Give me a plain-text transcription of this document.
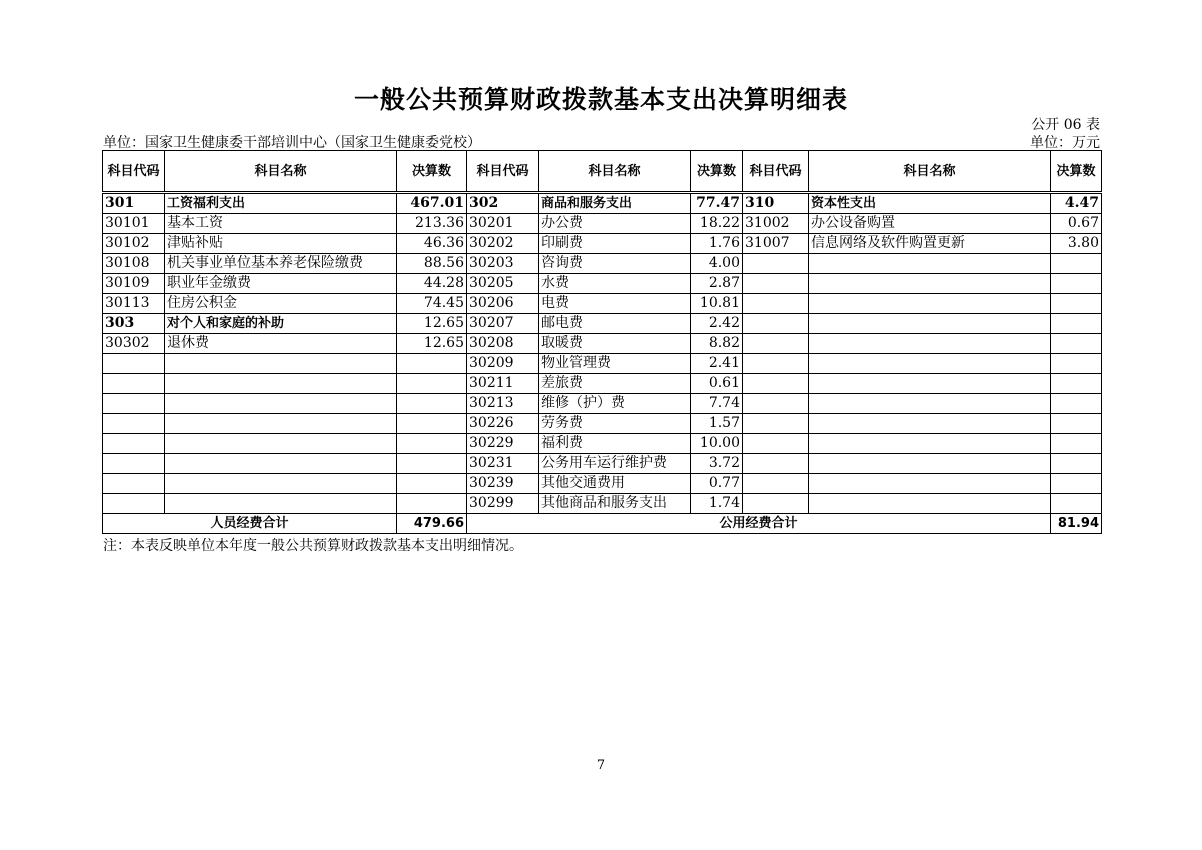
一般公共预算财政拨款基本支出决算明细表
公开 06 表
单位：国家卫生健康委干部培训中心（国家卫生健康委党校）	单位：万元
科目代码	科目名称	决算数	科目代码	科目名称	决算数	科目代码	科目名称	决算数
301	工资福利支出	467.01	302	商品和服务支出	77.47	310	资本性支出	4.47
30101	基本工资	213.36	30201	办公费	18.22	31002	办公设备购置	0.67
30102	津贴补贴	46.36	30202	印刷费	1.76	31007	信息网络及软件购置更新	3.80
30108	机关事业单位基本养老保险缴费	88.56	30203	咨询费	4.00			
30109	职业年金缴费	44.28	30205	水费	2.87			
30113	住房公积金	74.45	30206	电费	10.81			
303	对个人和家庭的补助	12.65	30207	邮电费	2.42			
30302	退休费	12.65	30208	取暖费	8.82			
			30209	物业管理费	2.41			
			30211	差旅费	0.61			
			30213	维修（护）费	7.74			
			30226	劳务费	1.57			
			30229	福利费	10.00			
			30231	公务用车运行维护费	3.72			
			30239	其他交通费用	0.77			
			30299	其他商品和服务支出	1.74			
人员经费合计		479.66	公用经费合计					81.94
注：本表反映单位本年度一般公共预算财政拨款基本支出明细情况。
7
